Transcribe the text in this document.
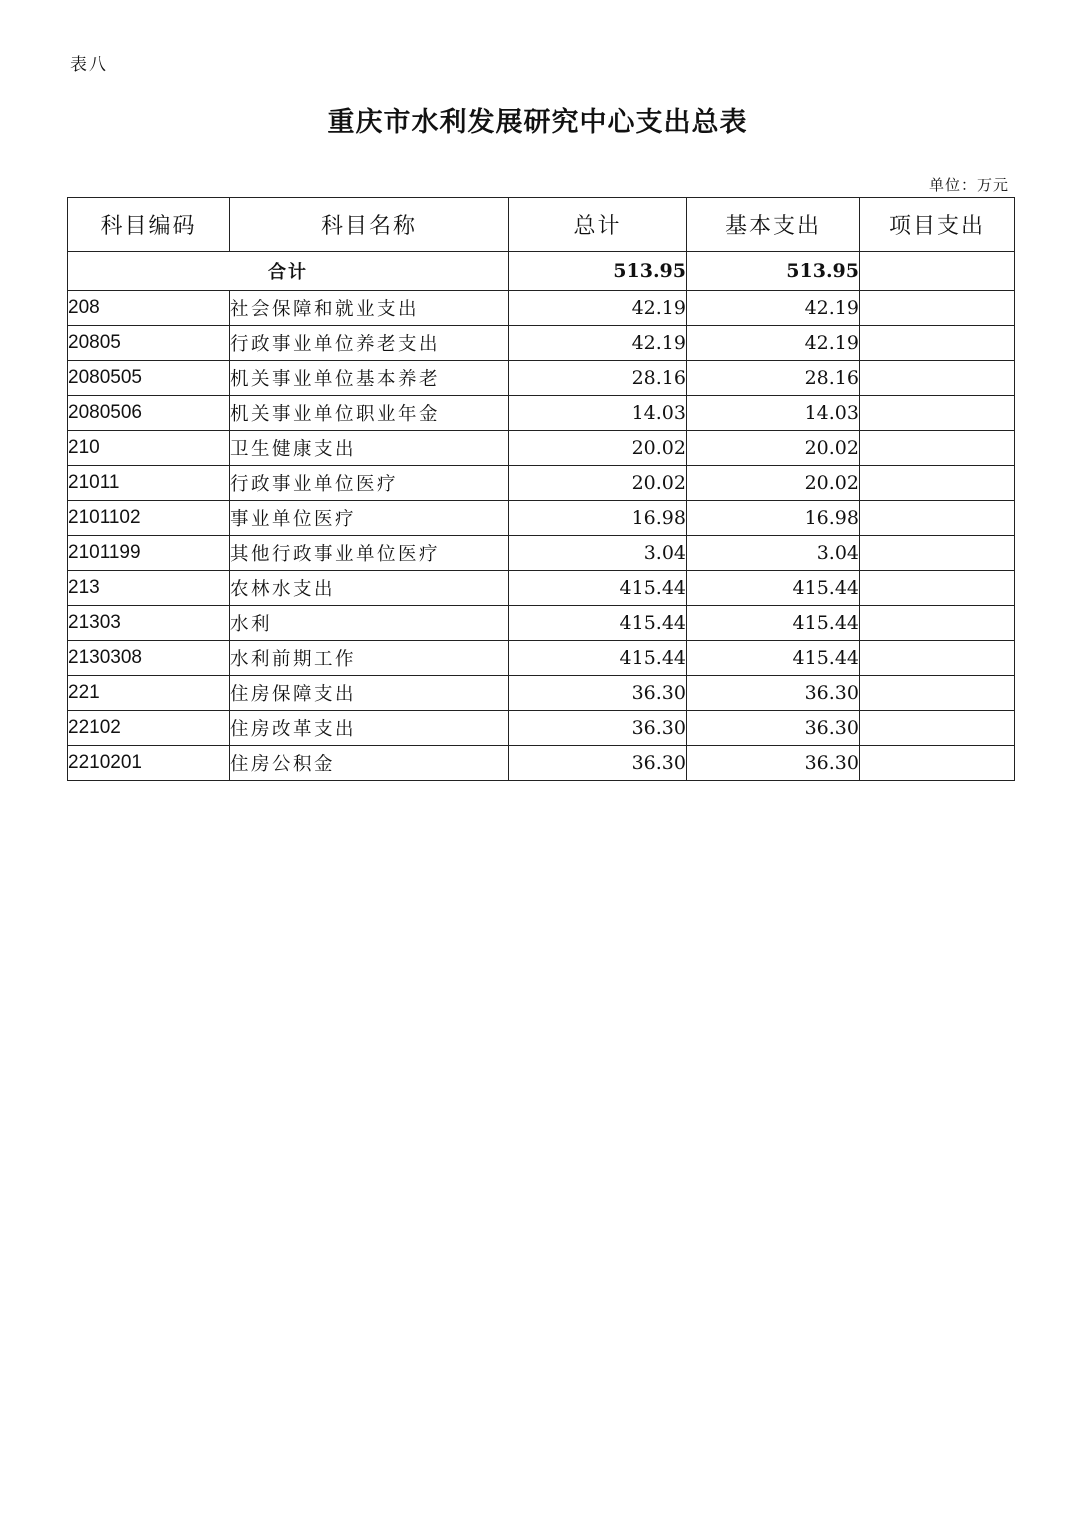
表八
重庆市水利发展研究中心支出总表
单位：万元
科目编码	科目名称	总计	基本支出	项目支出
合计		513.95	513.95	
208	社会保障和就业支出	42.19	42.19	
20805	行政事业单位养老支出	42.19	42.19	
2080505	机关事业单位基本养老	28.16	28.16	
2080506	机关事业单位职业年金	14.03	14.03	
210	卫生健康支出	20.02	20.02	
21011	行政事业单位医疗	20.02	20.02	
2101102	事业单位医疗	16.98	16.98	
2101199	其他行政事业单位医疗	3.04	3.04	
213	农林水支出	415.44	415.44	
21303	水利	415.44	415.44	
2130308	水利前期工作	415.44	415.44	
221	住房保障支出	36.30	36.30	
22102	住房改革支出	36.30	36.30	
2210201	住房公积金	36.30	36.30	
